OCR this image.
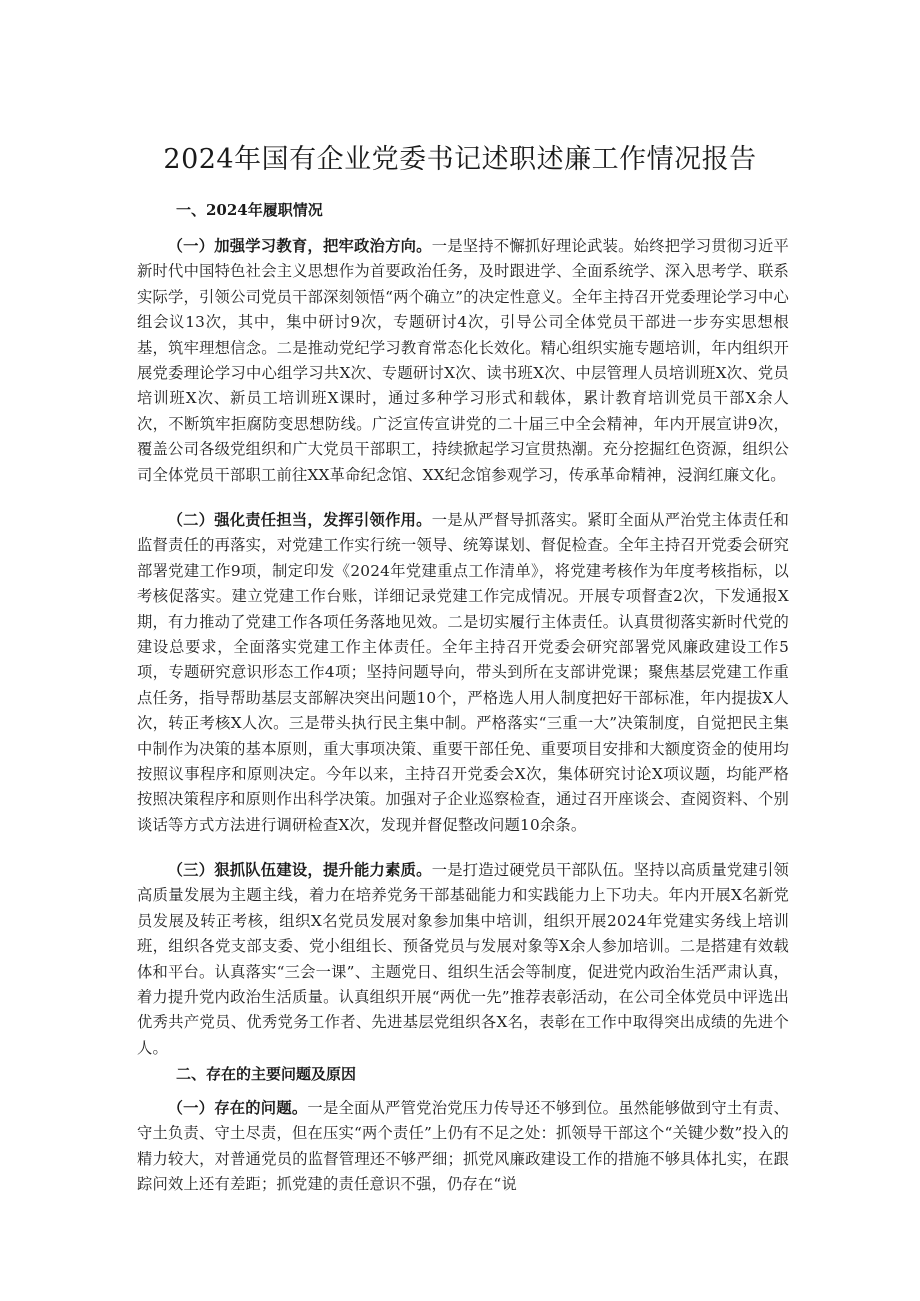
2024年国有企业党委书记述职述廉工作情况报告
一、2024年履职情况

（一）加强学习教育，把牢政治方向。一是坚持不懈抓好理论武装。始终把学习贯彻习近平新时代中国特色社会主义思想作为首要政治任务，及时跟进学、全面系统学、深入思考学、联系实际学，引领公司党员干部深刻领悟“两个确立”的决定性意义。全年主持召开党委理论学习中心组会议13次，其中，集中研讨9次，专题研讨4次，引导公司全体党员干部进一步夯实思想根基，筑牢理想信念。二是推动党纪学习教育常态化长效化。精心组织实施专题培训，年内组织开展党委理论学习中心组学习共X次、专题研讨X次、读书班X次、中层管理人员培训班X次、党员培训班X次、新员工培训班X课时，通过多种学习形式和载体，累计教育培训党员干部X余人次，不断筑牢拒腐防变思想防线。广泛宣传宣讲党的二十届三中全会精神，年内开展宣讲9次，覆盖公司各级党组织和广大党员干部职工，持续掀起学习宣贯热潮。充分挖掘红色资源，组织公司全体党员干部职工前往XX革命纪念馆、XX纪念馆参观学习，传承革命精神，浸润红廉文化。

（二）强化责任担当，发挥引领作用。一是从严督导抓落实。紧盯全面从严治党主体责任和监督责任的再落实，对党建工作实行统一领导、统筹谋划、督促检查。全年主持召开党委会研究部署党建工作9项，制定印发《2024年党建重点工作清单》，将党建考核作为年度考核指标，以考核促落实。建立党建工作台账，详细记录党建工作完成情况。开展专项督查2次，下发通报X期，有力推动了党建工作各项任务落地见效。二是切实履行主体责任。认真贯彻落实新时代党的建设总要求，全面落实党建工作主体责任。全年主持召开党委会研究部署党风廉政建设工作5项，专题研究意识形态工作4项；坚持问题导向，带头到所在支部讲党课；聚焦基层党建工作重点任务，指导帮助基层支部解决突出问题10个，严格选人用人制度把好干部标准，年内提拔X人次，转正考核X人次。三是带头执行民主集中制。严格落实“三重一大”决策制度，自觉把民主集中制作为决策的基本原则，重大事项决策、重要干部任免、重要项目安排和大额度资金的使用均按照议事程序和原则决定。今年以来，主持召开党委会X次，集体研究讨论X项议题，均能严格按照决策程序和原则作出科学决策。加强对子企业巡察检查，通过召开座谈会、查阅资料、个别谈话等方式方法进行调研检查X次，发现并督促整改问题10余条。

（三）狠抓队伍建设，提升能力素质。一是打造过硬党员干部队伍。坚持以高质量党建引领高质量发展为主题主线，着力在培养党务干部基础能力和实践能力上下功夫。年内开展X名新党员发展及转正考核，组织X名党员发展对象参加集中培训，组织开展2024年党建实务线上培训班，组织各党支部支委、党小组组长、预备党员与发展对象等X余人参加培训。二是搭建有效载体和平台。认真落实“三会一课”、主题党日、组织生活会等制度，促进党内政治生活严肃认真，着力提升党内政治生活质量。认真组织开展“两优一先”推荐表彰活动，在公司全体党员中评选出优秀共产党员、优秀党务工作者、先进基层党组织各X名，表彰在工作中取得突出成绩的先进个人。

二、存在的主要问题及原因

（一）存在的问题。一是全面从严管党治党压力传导还不够到位。虽然能够做到守土有责、守土负责、守土尽责，但在压实“两个责任”上仍有不足之处：抓领导干部这个“关键少数”投入的精力较大，对普通党员的监督管理还不够严细；抓党风廉政建设工作的措施不够具体扎实，在跟踪问效上还有差距；抓党建的责任意识不强，仍存在“说
